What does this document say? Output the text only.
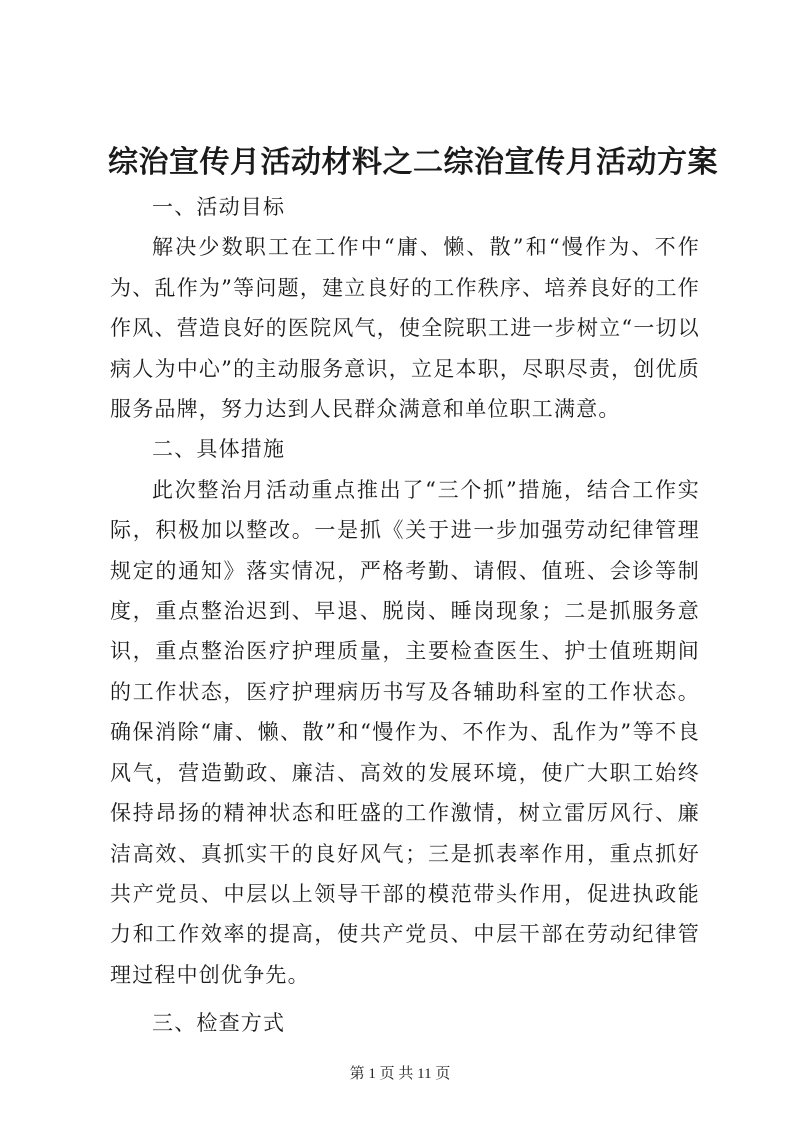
综治宣传月活动材料之二综治宣传月活动方案

一、活动目标

解决少数职工在工作中“庸、懒、散”和“慢作为、不作为、乱作为”等问题，建立良好的工作秩序、培养良好的工作作风、营造良好的医院风气，使全院职工进一步树立“一切以病人为中心”的主动服务意识，立足本职，尽职尽责，创优质服务品牌，努力达到人民群众满意和单位职工满意。

二、具体措施

此次整治月活动重点推出了“三个抓”措施，结合工作实际，积极加以整改。一是抓《关于进一步加强劳动纪律管理规定的通知》落实情况，严格考勤、请假、值班、会诊等制度，重点整治迟到、早退、脱岗、睡岗现象；二是抓服务意识，重点整治医疗护理质量，主要检查医生、护士值班期间的工作状态，医疗护理病历书写及各辅助科室的工作状态。确保消除“庸、懒、散”和“慢作为、不作为、乱作为”等不良风气，营造勤政、廉洁、高效的发展环境，使广大职工始终保持昂扬的精神状态和旺盛的工作激情，树立雷厉风行、廉洁高效、真抓实干的良好风气；三是抓表率作用，重点抓好共产党员、中层以上领导干部的模范带头作用，促进执政能力和工作效率的提高，使共产党员、中层干部在劳动纪律管理过程中创优争先。

三、检查方式

第 1 页 共 11 页
